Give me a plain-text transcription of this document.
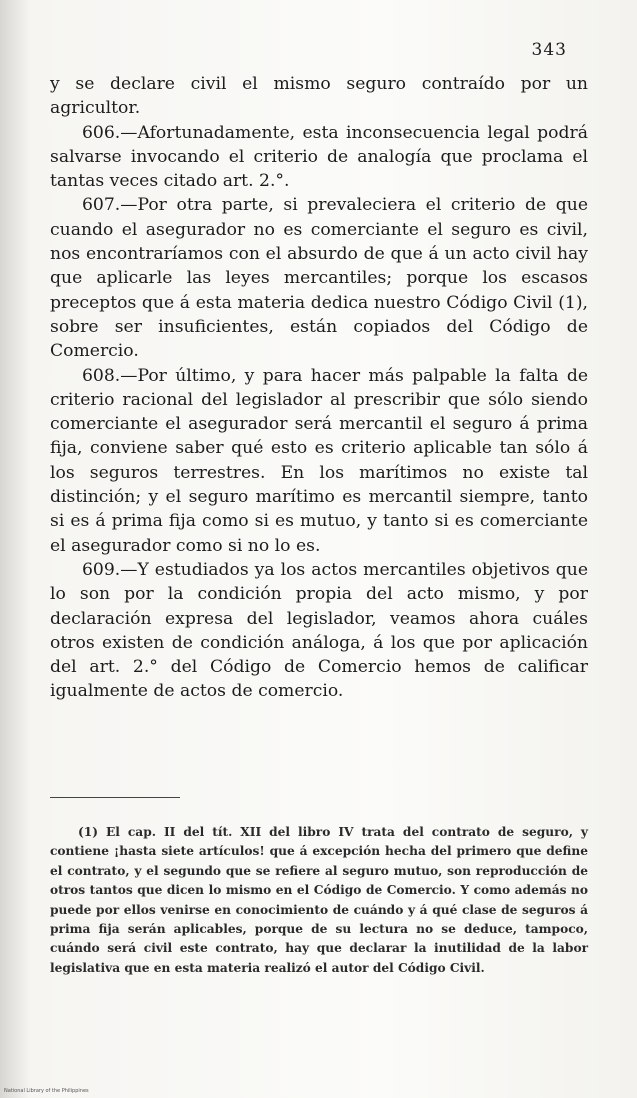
343

y se declare civil el mismo seguro contraído por un agricultor.

606.—Afortunadamente, esta inconsecuencia legal podrá salvarse invocando el criterio de analogía que proclama el tantas veces citado art. 2.°.

607.—Por otra parte, si prevaleciera el criterio de que cuando el asegurador no es comerciante el seguro es civil, nos encontraríamos con el absurdo de que á un acto civil hay que aplicarle las leyes mercantiles; porque los escasos preceptos que á esta materia dedica nuestro Código Civil (1), sobre ser insuficientes, están copiados del Código de Comercio.

608.—Por último, y para hacer más palpable la falta de criterio racional del legislador al prescribir que sólo siendo comerciante el asegurador será mercantil el seguro á prima fija, conviene saber qué esto es criterio aplicable tan sólo á los seguros terrestres. En los marítimos no existe tal distinción; y el seguro marítimo es mercantil siempre, tanto si es á prima fija como si es mutuo, y tanto si es comerciante el asegurador como si no lo es.

609.—Y estudiados ya los actos mercantiles objetivos que lo son por la condición propia del acto mismo, y por declaración expresa del legislador, veamos ahora cuáles otros existen de condición análoga, á los que por aplicación del art. 2.° del Código de Comercio hemos de calificar igualmente de actos de comercio.

(1) El cap. II del tít. XII del libro IV trata del contrato de seguro, y contiene ¡hasta siete artículos! que á excepción hecha del primero que define el contrato, y el segundo que se refiere al seguro mutuo, son reproducción de otros tantos que dicen lo mismo en el Código de Comercio. Y como además no puede por ellos venirse en conocimiento de cuándo y á qué clase de seguros á prima fija serán aplicables, porque de su lectura no se deduce, tampoco, cuándo será civil este contrato, hay que declarar la inutilidad de la labor legislativa que en esta materia realizó el autor del Código Civil.

National Library of the Philippines
